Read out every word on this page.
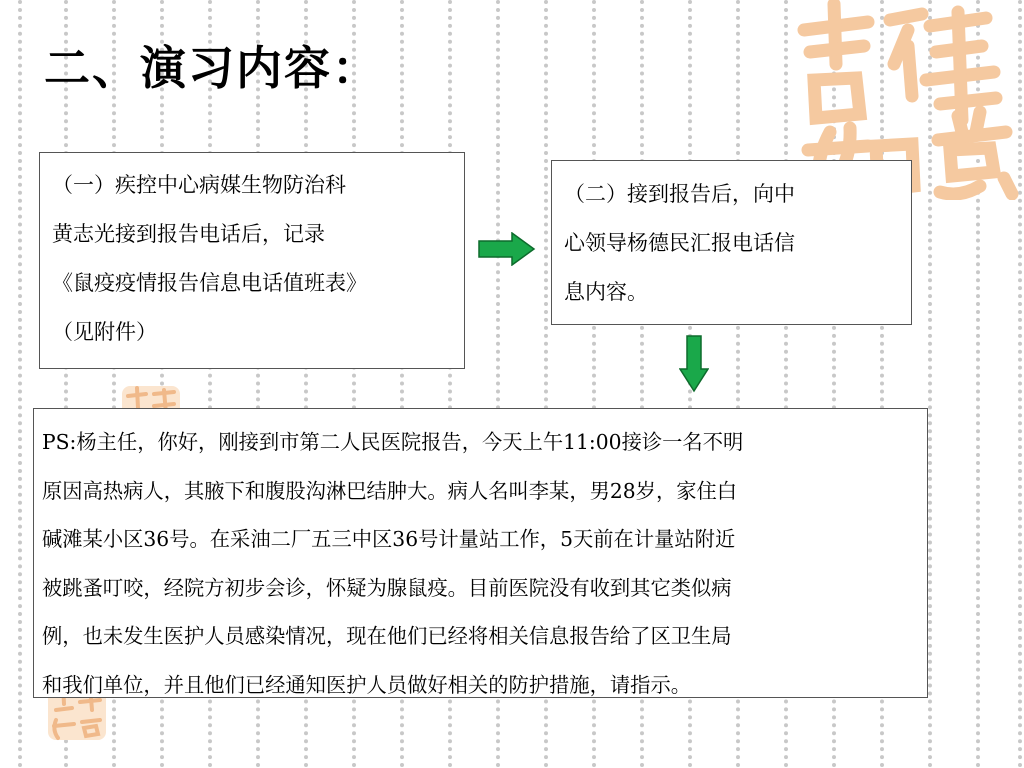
二、演习内容：
（一）疾控中心病媒生物防治科
黄志光接到报告电话后，记录
《鼠疫疫情报告信息电话值班表》
（见附件）
（二）接到报告后，向中
心领导杨德民汇报电话信
息内容。
PS:杨主任，你好，刚接到市第二人民医院报告，今天上午11:00接诊一名不明
原因高热病人，其腋下和腹股沟淋巴结肿大。病人名叫李某，男28岁，家住白
碱滩某小区36号。在采油二厂五三中区36号计量站工作，5天前在计量站附近
被跳蚤叮咬，经院方初步会诊，怀疑为腺鼠疫。目前医院没有收到其它类似病
例，也未发生医护人员感染情况，现在他们已经将相关信息报告给了区卫生局
和我们单位，并且他们已经通知医护人员做好相关的防护措施，请指示。
